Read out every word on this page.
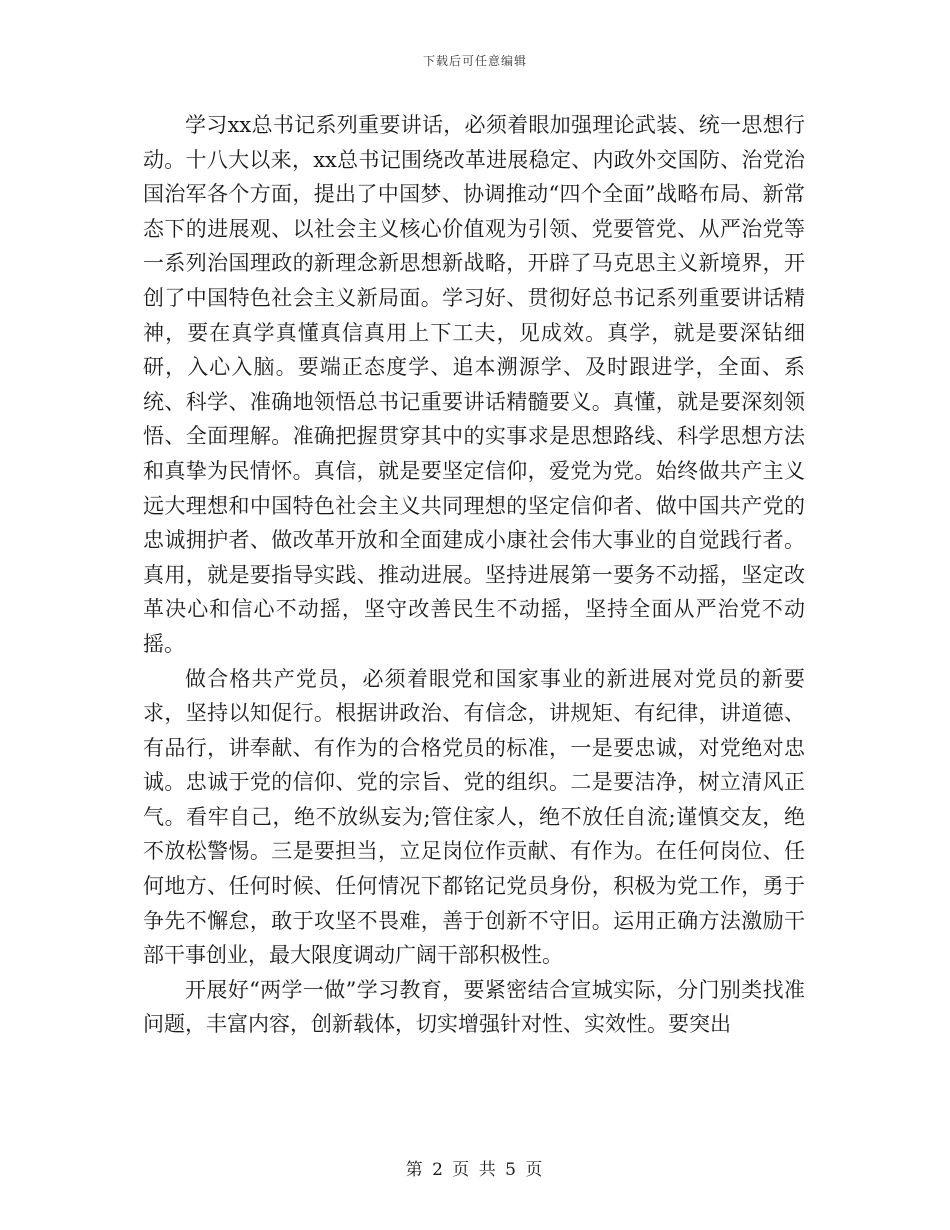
下载后可任意编辑

学习xx总书记系列重要讲话，必须着眼加强理论武装、统一思想行动。十八大以来，xx总书记围绕改革进展稳定、内政外交国防、治党治国治军各个方面，提出了中国梦、协调推动“四个全面”战略布局、新常态下的进展观、以社会主义核心价值观为引领、党要管党、从严治党等一系列治国理政的新理念新思想新战略，开辟了马克思主义新境界，开创了中国特色社会主义新局面。学习好、贯彻好总书记系列重要讲话精神，要在真学真懂真信真用上下工夫，见成效。真学，就是要深钻细研，入心入脑。要端正态度学、追本溯源学、及时跟进学，全面、系统、科学、准确地领悟总书记重要讲话精髓要义。真懂，就是要深刻领悟、全面理解。准确把握贯穿其中的实事求是思想路线、科学思想方法和真挚为民情怀。真信，就是要坚定信仰，爱党为党。始终做共产主义远大理想和中国特色社会主义共同理想的坚定信仰者、做中国共产党的忠诚拥护者、做改革开放和全面建成小康社会伟大事业的自觉践行者。真用，就是要指导实践、推动进展。坚持进展第一要务不动摇，坚定改革决心和信心不动摇，坚守改善民生不动摇，坚持全面从严治党不动摇。

做合格共产党员，必须着眼党和国家事业的新进展对党员的新要求，坚持以知促行。根据讲政治、有信念，讲规矩、有纪律，讲道德、有品行，讲奉献、有作为的合格党员的标准，一是要忠诚，对党绝对忠诚。忠诚于党的信仰、党的宗旨、党的组织。二是要洁净，树立清风正气。看牢自己，绝不放纵妄为;管住家人，绝不放任自流;谨慎交友，绝不放松警惕。三是要担当，立足岗位作贡献、有作为。在任何岗位、任何地方、任何时候、任何情况下都铭记党员身份，积极为党工作，勇于争先不懈怠，敢于攻坚不畏难，善于创新不守旧。运用正确方法激励干部干事创业，最大限度调动广阔干部积极性。

开展好“两学一做”学习教育，要紧密结合宣城实际，分门别类找准问题，丰富内容，创新载体，切实增强针对性、实效性。要突出

第 2 页 共 5 页
